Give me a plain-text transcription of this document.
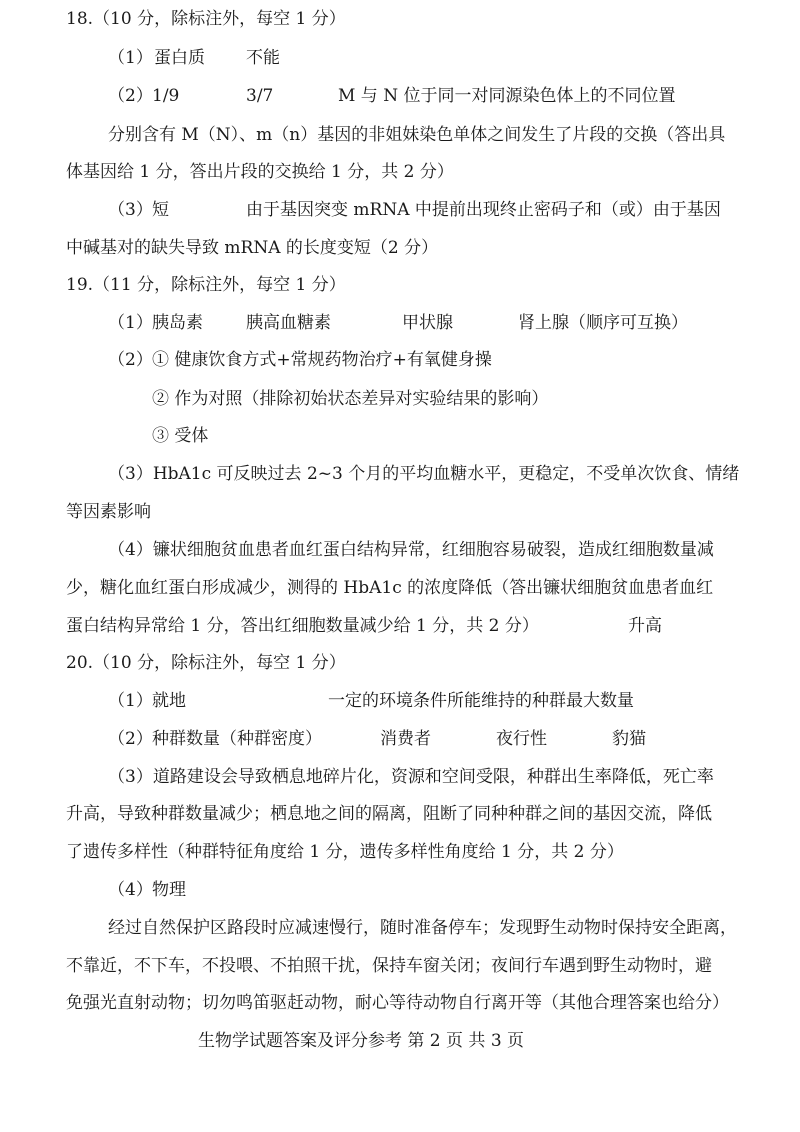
18.（10 分，除标注外，每空 1 分）

（1）

蛋白质

不能

（2）

1/9

	3/7

	M 与 N 位于同一对同源染色体上的不同位置

分别含有 M（N）、m（n）基因的非姐妹染色单体之间发生了片段的交换（答出具

体基因给 1 分，答出片段的交换给 1 分，共 2 分）

（3）

短

	由于基因突变 mRNA 中提前出现终止密码子和（或）由于基因

中碱基对的缺失导致 mRNA 的长度变短（2 分）

19.（11 分，除标注外，每空 1 分）

（1）

胰岛素

	胰高血糖素

	甲状腺

	肾上腺（顺序可互换）

（2）

① 健康饮食方式+常规药物治疗+有氧健身操

② 作为对照（排除初始状态差异对实验结果的影响）

③ 受体

（3）HbA1c 可反映过去 2~3 个月的平均血糖水平，更稳定，不受单次饮食、情绪

等因素影响

（4）镰状细胞贫血患者血红蛋白结构异常，红细胞容易破裂，造成红细胞数量减

少，糖化血红蛋白形成减少，测得的 HbA1c 的浓度降低（答出镰状细胞贫血患者血红

蛋白结构异常给 1 分，答出红细胞数量减少给 1 分，共 2 分）

	升高

20.（10 分，除标注外，每空 1 分）

（1）

就地

	一定的环境条件所能维持的种群最大数量

（2）

种群数量（种群密度）

	消费者

	夜行性

	豹猫

（3）道路建设会导致栖息地碎片化，资源和空间受限，种群出生率降低，死亡率

升高，导致种群数量减少；栖息地之间的隔离，阻断了同种种群之间的基因交流，降低

了遗传多样性（种群特征角度给 1 分，遗传多样性角度给 1 分，共 2 分）

（4）

物理

经过自然保护区路段时应减速慢行，随时准备停车；发现野生动物时保持安全距离，

不靠近，不下车，不投喂、不拍照干扰，保持车窗关闭；夜间行车遇到野生动物时，避

免强光直射动物；切勿鸣笛驱赶动物，耐心等待动物自行离开等（其他合理答案也给分）

生物学试题答案及评分参考 第 2 页 共 3 页
